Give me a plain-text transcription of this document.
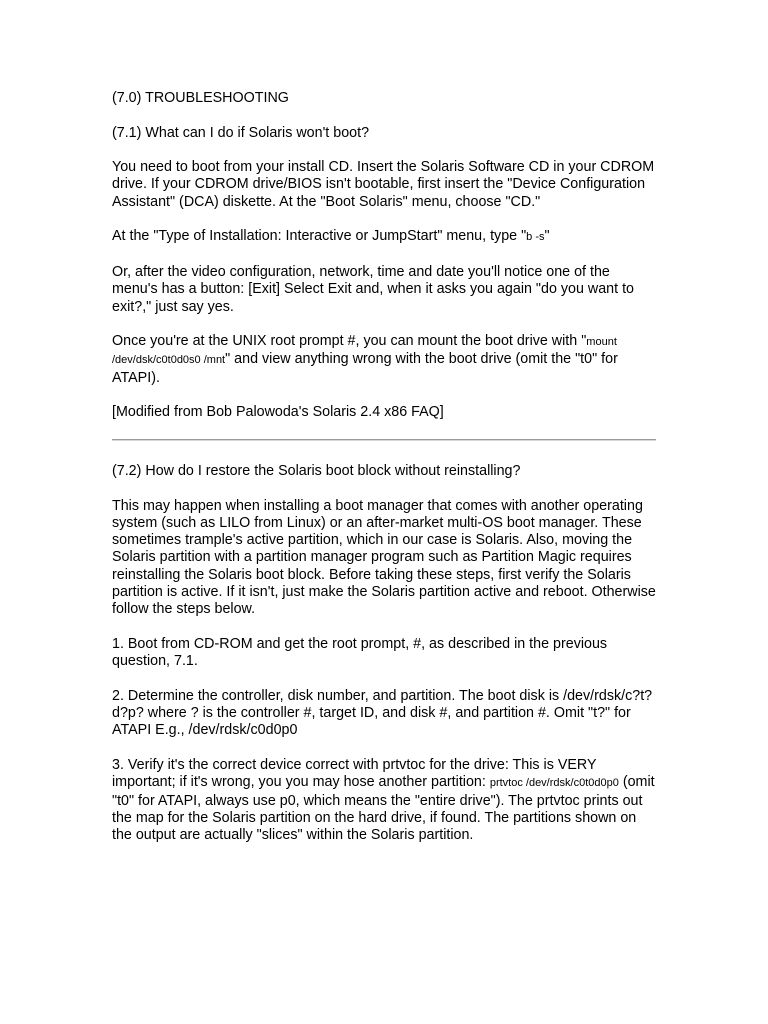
(7.0) TROUBLESHOOTING

(7.1) What can I do if Solaris won't boot?

You need to boot from your install CD. Insert the Solaris Software CD in your CDROM drive. If your CDROM drive/BIOS isn't bootable, first insert the "Device Configuration Assistant" (DCA) diskette. At the "Boot Solaris" menu, choose "CD."

At the "Type of Installation: Interactive or JumpStart" menu, type "b -s"

Or, after the video configuration, network, time and date you'll notice one of the menu's has a button: [Exit] Select Exit and, when it asks you again "do you want to exit?," just say yes.

Once you're at the UNIX root prompt #, you can mount the boot drive with "mount /dev/dsk/c0t0d0s0 /mnt" and view anything wrong with the boot drive (omit the "t0" for ATAPI).

[Modified from Bob Palowoda's Solaris 2.4 x86 FAQ]

(7.2) How do I restore the Solaris boot block without reinstalling?

This may happen when installing a boot manager that comes with another operating system (such as LILO from Linux) or an after-market multi-OS boot manager. These sometimes trample's active partition, which in our case is Solaris. Also, moving the Solaris partition with a partition manager program such as Partition Magic requires reinstalling the Solaris boot block. Before taking these steps, first verify the Solaris partition is active. If it isn't, just make the Solaris partition active and reboot. Otherwise follow the steps below.

1. Boot from CD-ROM and get the root prompt, #, as described in the previous question, 7.1.

2. Determine the controller, disk number, and partition. The boot disk is /dev/rdsk/c?t?d?p? where ? is the controller #, target ID, and disk #, and partition #. Omit "t?" for ATAPI E.g., /dev/rdsk/c0d0p0

3. Verify it's the correct device correct with prtvtoc for the drive: This is VERY important; if it's wrong, you you may hose another partition: prtvtoc /dev/rdsk/c0t0d0p0 (omit "t0" for ATAPI, always use p0, which means the "entire drive"). The prtvtoc prints out the map for the Solaris partition on the hard drive, if found. The partitions shown on the output are actually "slices" within the Solaris partition.
